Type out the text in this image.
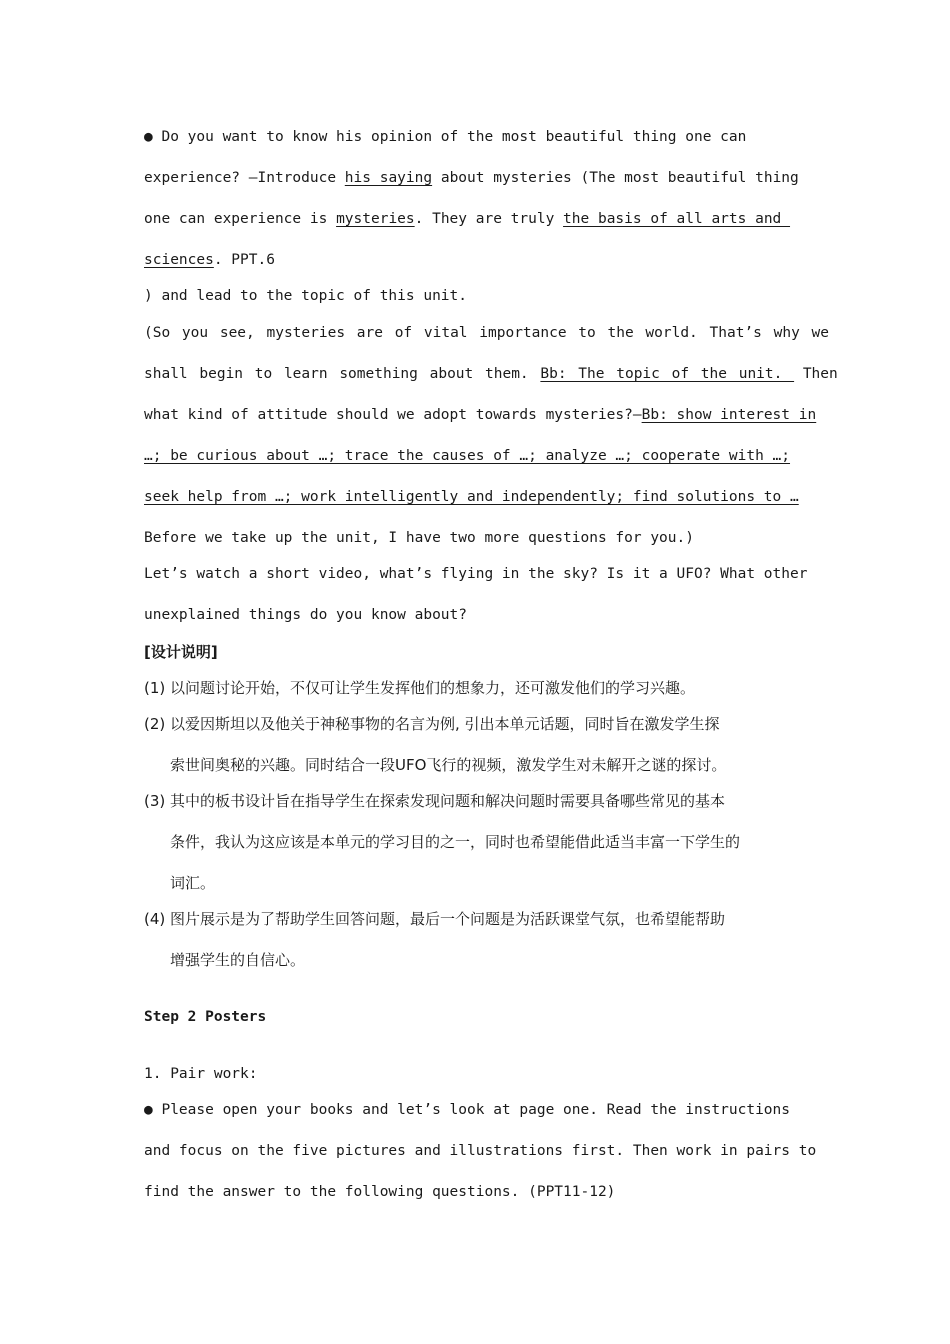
● Do you want to know his opinion of the most beautiful thing one can
experience? —Introduce his saying about mysteries (The most beautiful thing
one can experience is mysteries. They are truly the basis of all arts and
sciences. PPT.6
) and lead to the topic of this unit.
(So you see, mysteries are of vital importance to the world. That’s why we
shall begin to learn something about them. Bb: The topic of the unit.  Then
what kind of attitude should we adopt towards mysteries?—Bb: show interest in
…; be curious about …; trace the causes of …; analyze …; cooperate with …;
seek help from …; work intelligently and independently; find solutions to …
Before we take up the unit, I have two more questions for you.)
Let’s watch a short video, what’s flying in the sky? Is it a UFO? What other
unexplained things do you know about?
[设计说明]
(1) 以问题讨论开始，不仅可让学生发挥他们的想象力，还可激发他们的学习兴趣。
(2) 以爱因斯坦以及他关于神秘事物的名言为例, 引出本单元话题，同时旨在激发学生探
索世间奥秘的兴趣。同时结合一段UFO飞行的视频，激发学生对未解开之谜的探讨。
(3) 其中的板书设计旨在指导学生在探索发现问题和解决问题时需要具备哪些常见的基本
条件，我认为这应该是本单元的学习目的之一，同时也希望能借此适当丰富一下学生的
词汇。
(4) 图片展示是为了帮助学生回答问题，最后一个问题是为活跃课堂气氛，也希望能帮助
增强学生的自信心。
Step 2 Posters
1. Pair work:
● Please open your books and let’s look at page one. Read the instructions
and focus on the five pictures and illustrations first. Then work in pairs to
find the answer to the following questions. (PPT11-12)
